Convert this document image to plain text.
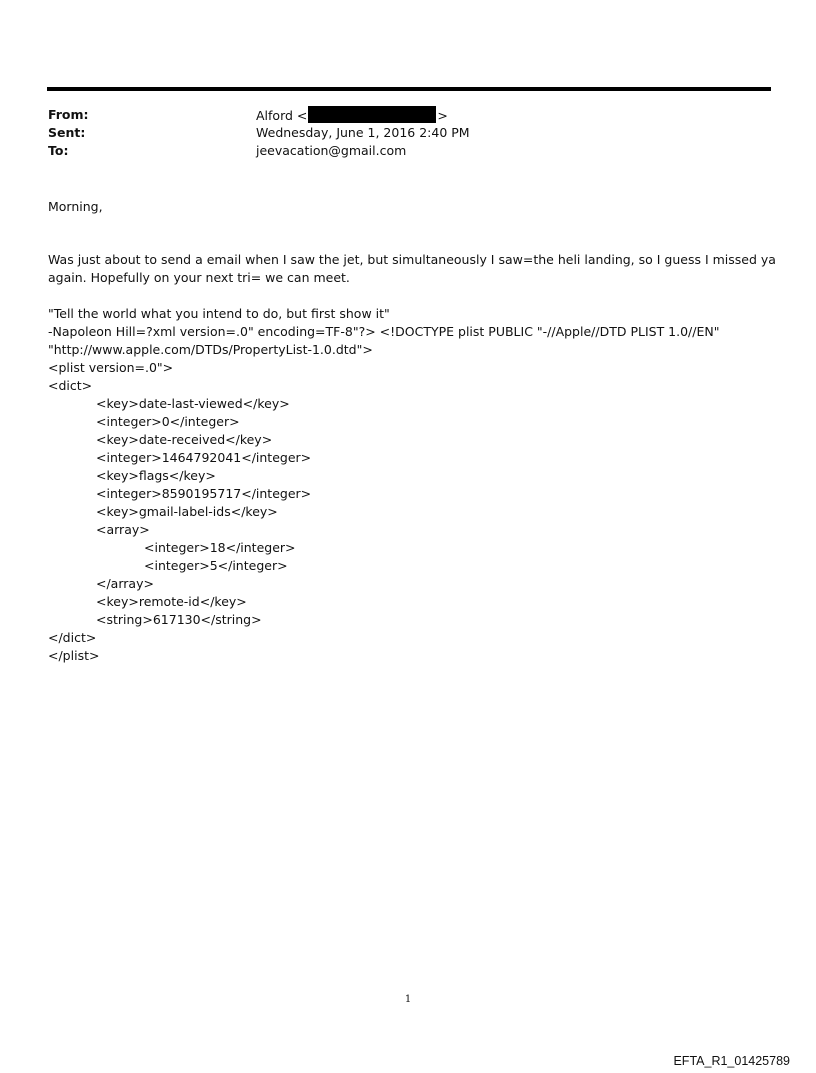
From:	Alford <	>
Sent:	Wednesday, June 1, 2016 2:40 PM
To:	jeevacation@gmail.com

Morning,

Was just about to send a email when I saw the jet, but simultaneously I saw=the heli landing, so I guess I missed ya
again. Hopefully on your next tri= we can meet.

"Tell the world what you intend to do, but first show it"
-Napoleon Hill=?xml version=.0" encoding=TF-8"?> <!DOCTYPE plist PUBLIC "-//Apple//DTD PLIST 1.0//EN"
"http://www.apple.com/DTDs/PropertyList-1.0.dtd">
<plist version=.0">
<dict>
<key>date-last-viewed</key>
<integer>0</integer>
<key>date-received</key>
<integer>1464792041</integer>
<key>flags</key>
<integer>8590195717</integer>
<key>gmail-label-ids</key>
<array>
<integer>18</integer>
<integer>5</integer>
</array>
<key>remote-id</key>
<string>617130</string>
</dict>
</plist>
1
EFTA_R1_01425789
